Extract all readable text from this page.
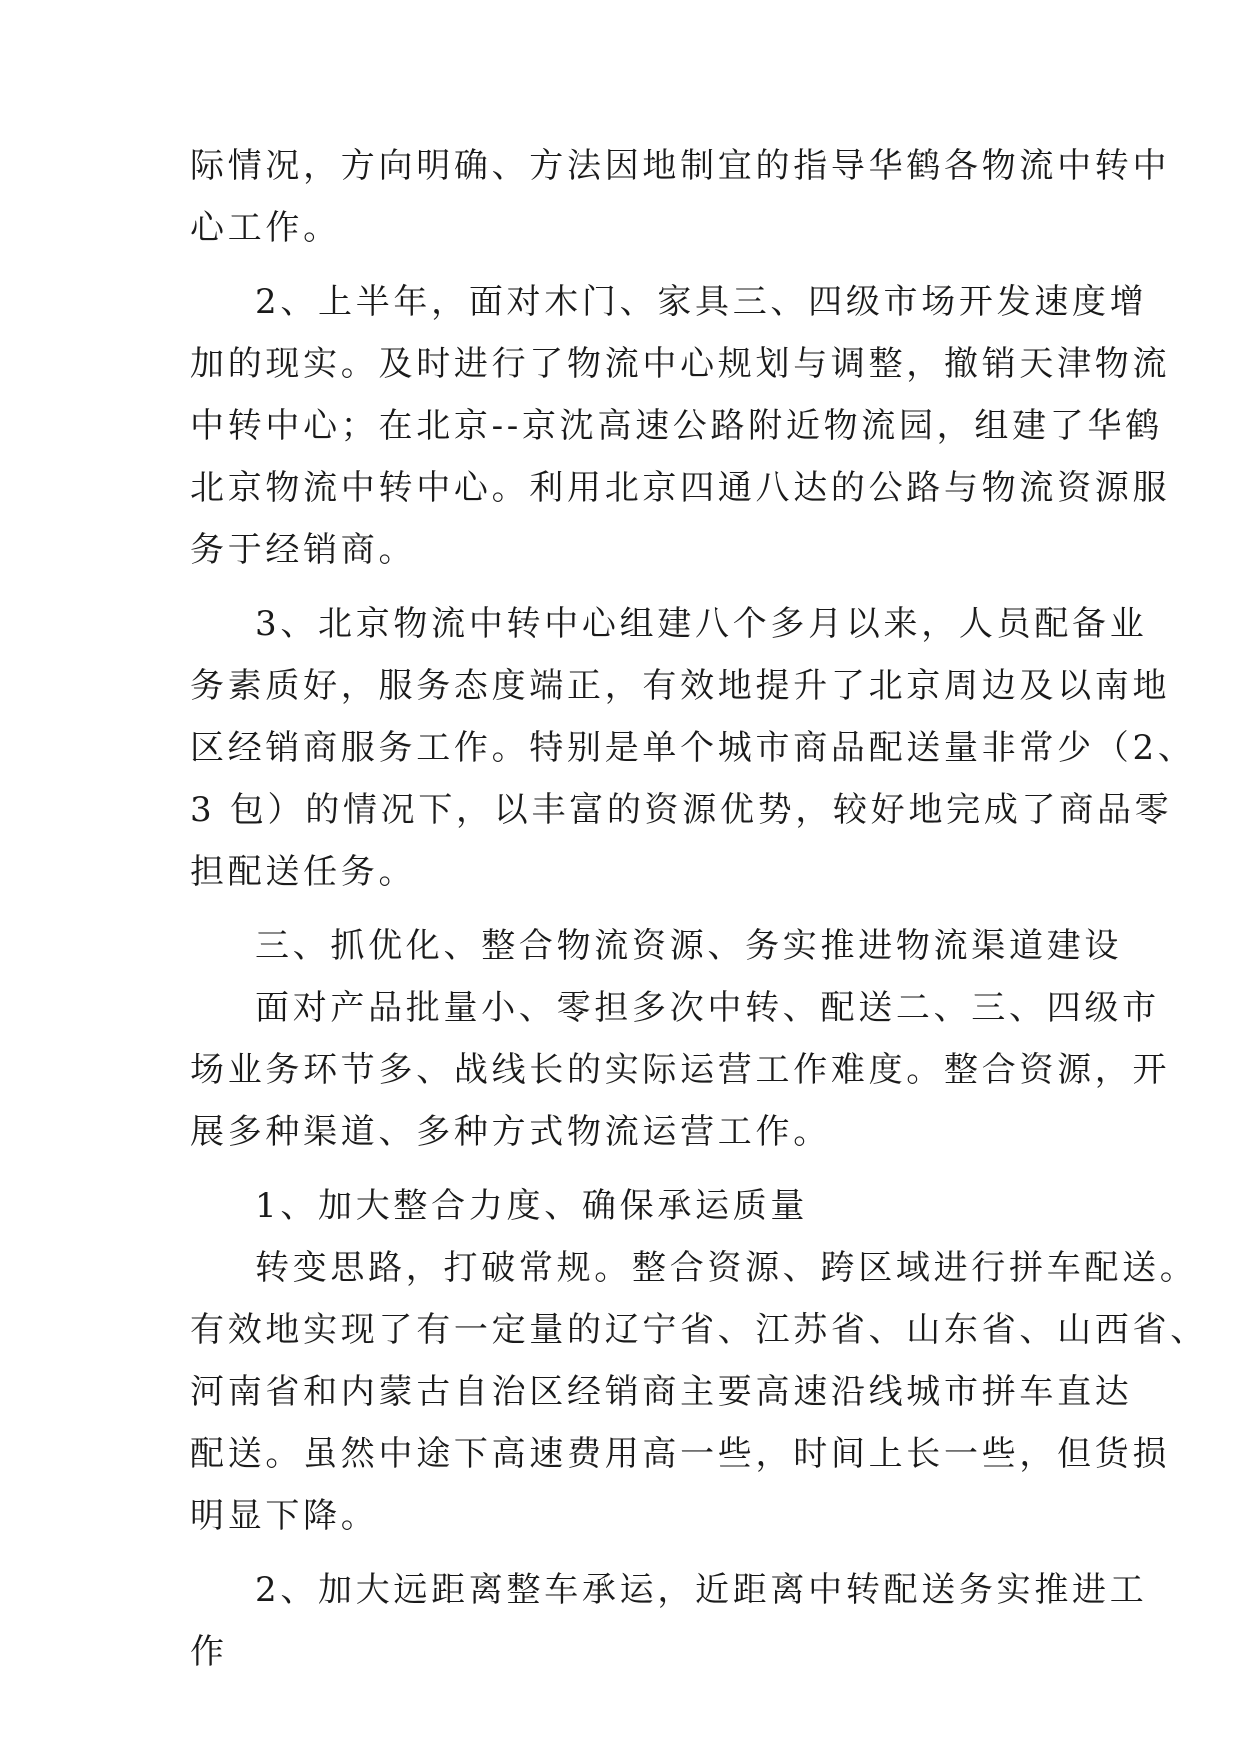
际情况，方向明确、方法因地制宜的指导华鹤各物流中转中
心工作。
2、上半年，面对木门、家具三、四级市场开发速度增
加的现实。及时进行了物流中心规划与调整，撤销天津物流
中转中心；在北京--京沈高速公路附近物流园，组建了华鹤
北京物流中转中心。利用北京四通八达的公路与物流资源服
务于经销商。
3、北京物流中转中心组建八个多月以来，人员配备业
务素质好，服务态度端正，有效地提升了北京周边及以南地
区经销商服务工作。特别是单个城市商品配送量非常少（2、
3 包）的情况下，以丰富的资源优势，较好地完成了商品零
担配送任务。
三、抓优化、整合物流资源、务实推进物流渠道建设
面对产品批量小、零担多次中转、配送二、三、四级市
场业务环节多、战线长的实际运营工作难度。整合资源，开
展多种渠道、多种方式物流运营工作。
1、加大整合力度、确保承运质量
转变思路，打破常规。整合资源、跨区域进行拼车配送。
有效地实现了有一定量的辽宁省、江苏省、山东省、山西省、
河南省和内蒙古自治区经销商主要高速沿线城市拼车直达
配送。虽然中途下高速费用高一些，时间上长一些，但货损
明显下降。
2、加大远距离整车承运，近距离中转配送务实推进工
作
